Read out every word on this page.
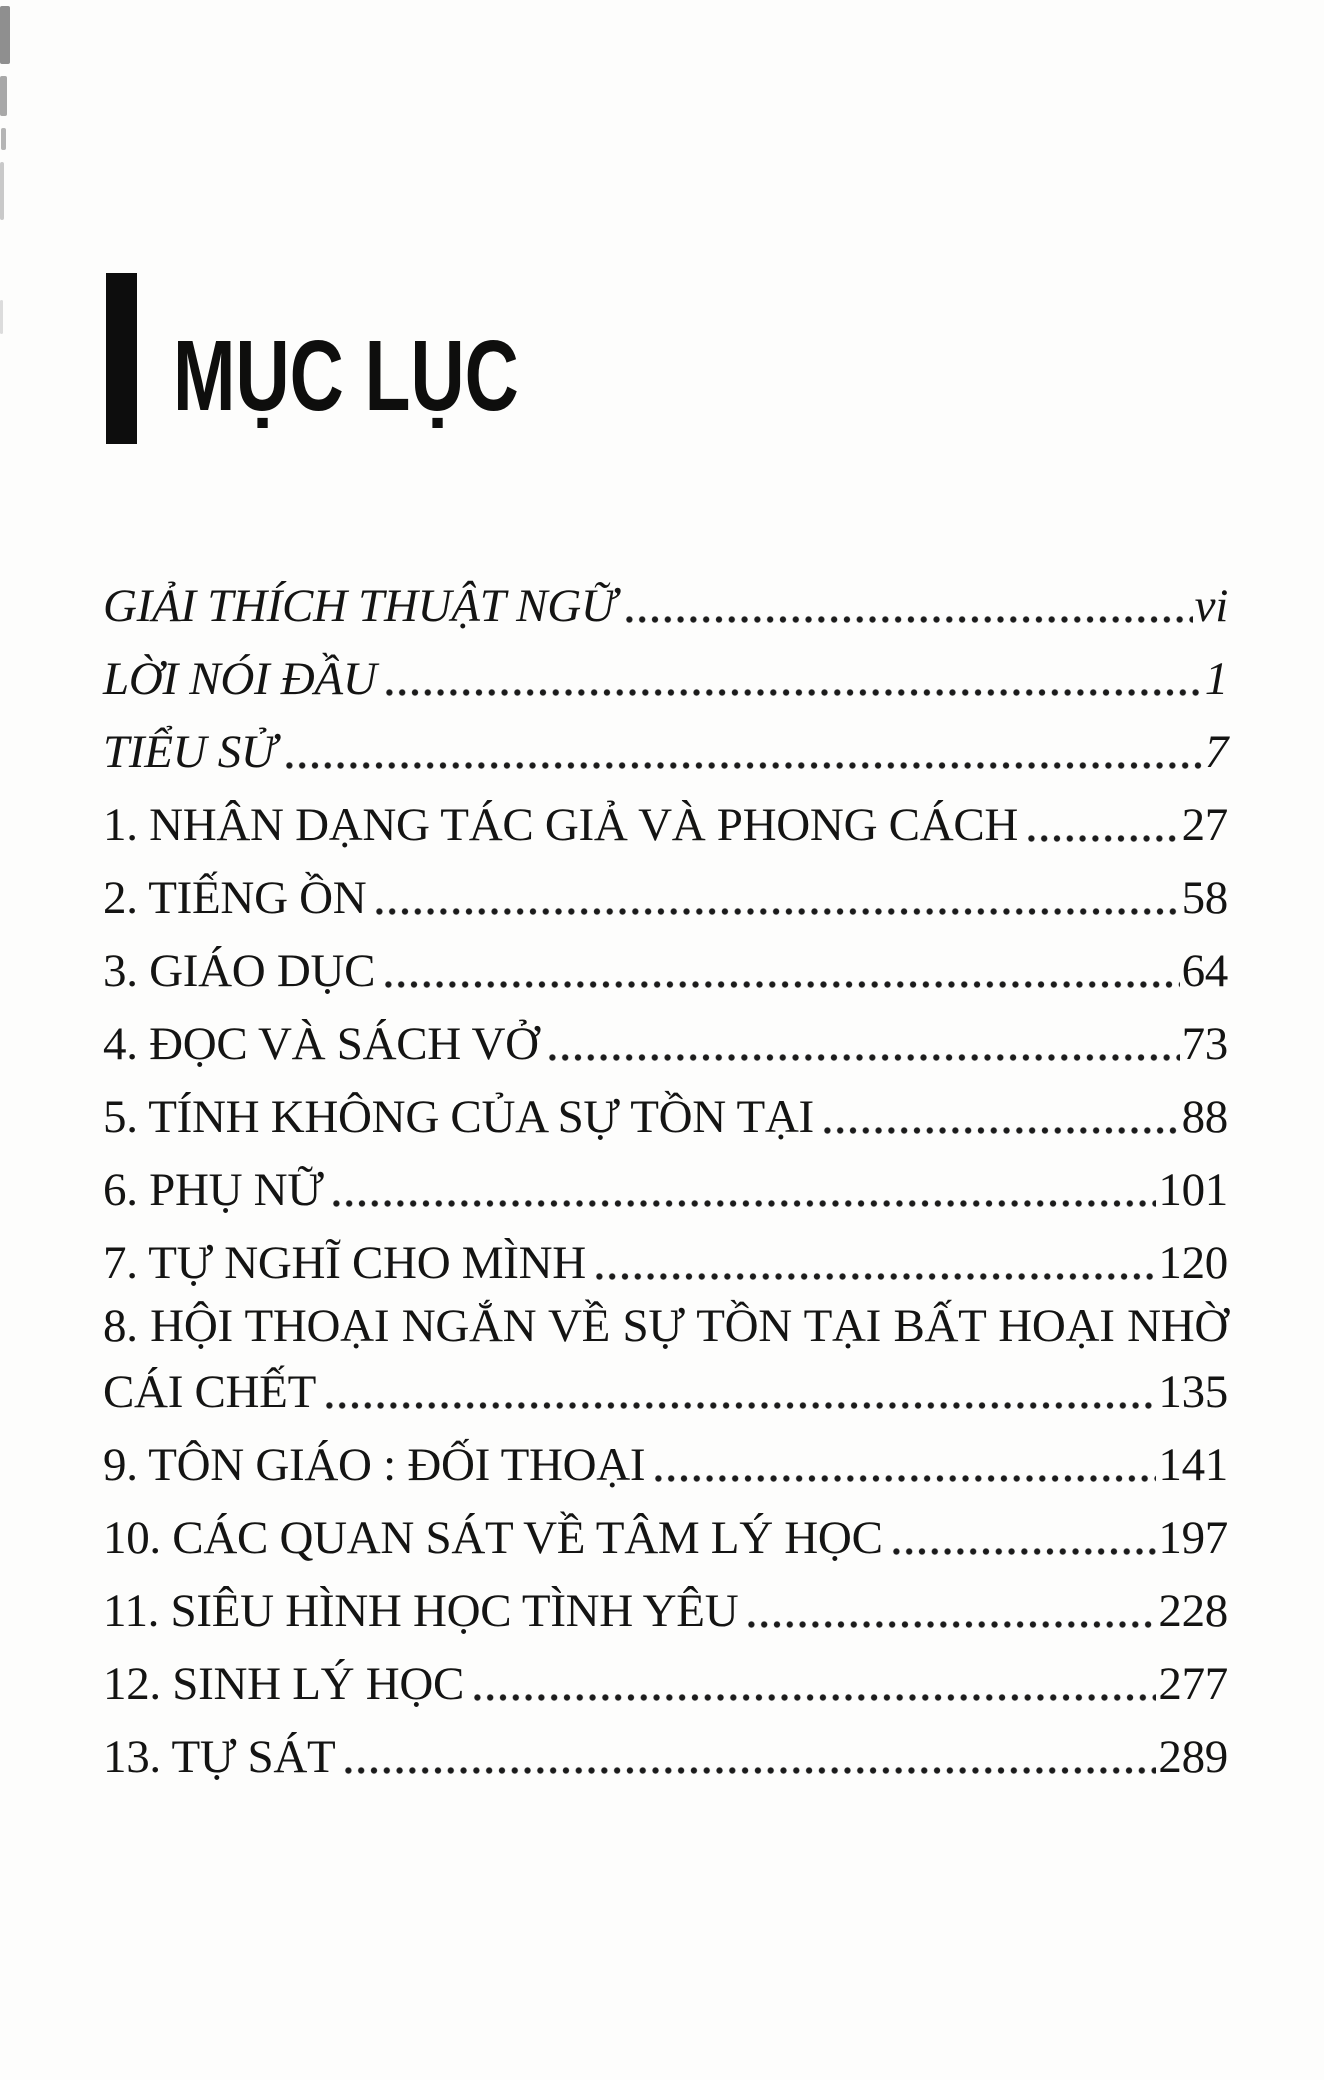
MỤC LỤC
GIẢI THÍCH THUẬT NGỮ	vi
LỜI NÓI ĐẦU	1
TIỂU SỬ	7
1. NHÂN DẠNG TÁC GIẢ VÀ PHONG CÁCH	27
2. TIẾNG ỒN	58
3. GIÁO DỤC	64
4. ĐỌC VÀ SÁCH VỞ	73
5. TÍNH KHÔNG CỦA SỰ TỒN TẠI	88
6. PHỤ NỮ	101
7. TỰ NGHĨ CHO MÌNH	120
8. HỘI THOẠI NGẮN VỀ SỰ TỒN TẠI BẤT HOẠI NHỜ
CÁI CHẾT	135
9. TÔN GIÁO : ĐỐI THOẠI	141
10. CÁC QUAN SÁT VỀ TÂM LÝ HỌC	197
11. SIÊU HÌNH HỌC TÌNH YÊU	228
12. SINH LÝ HỌC	277
13. TỰ SÁT	289
